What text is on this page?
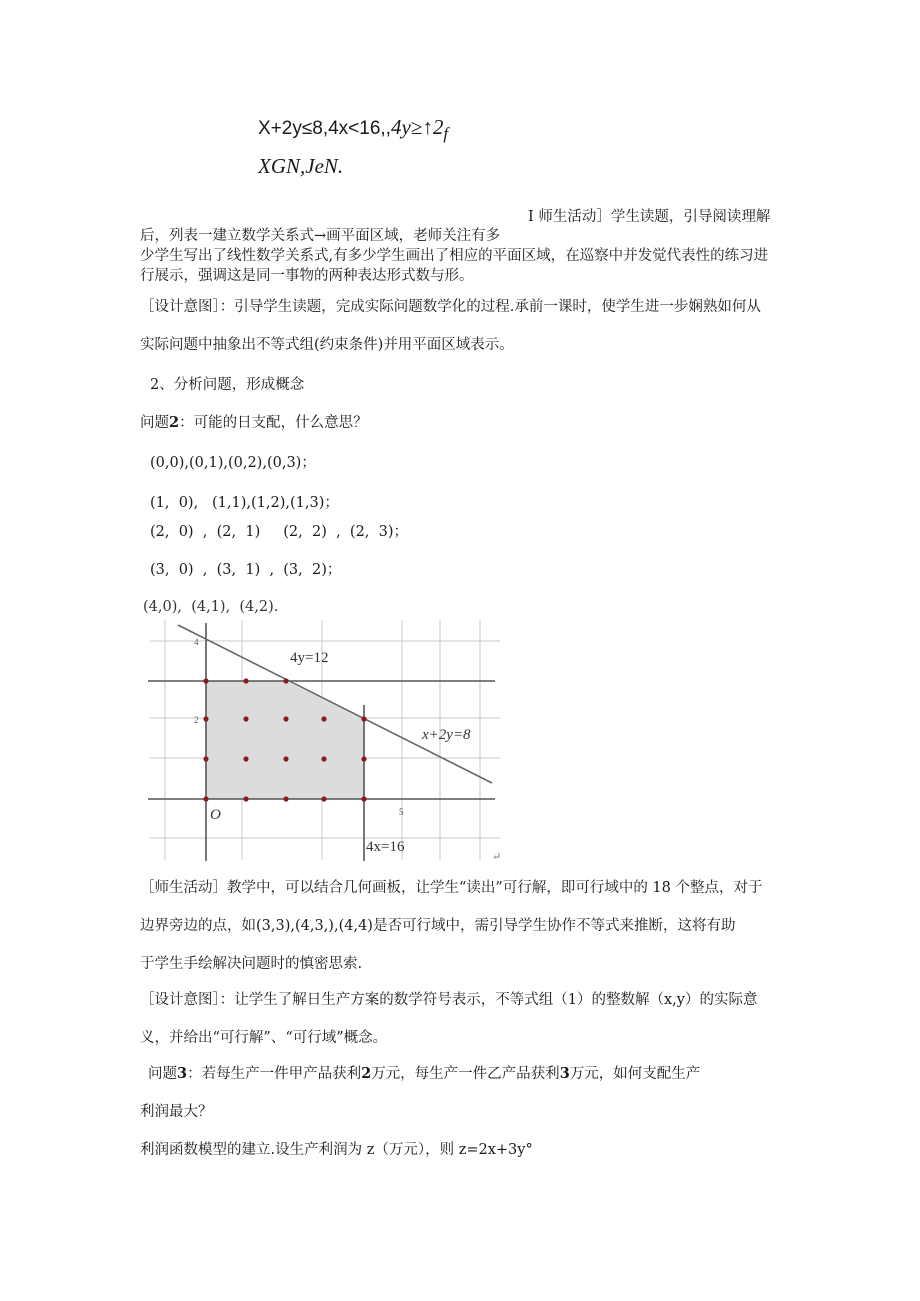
X+2y≤8,4x<16,,4y≥↑2f
XGN,JeN.
I 师生活动］学生读题，引导阅读理解
后，列表一建立数学关系式→画平面区域，老师关注有多
少学生写出了线性数学关系式,有多少学生画出了相应的平面区域，在巡察中并发觉代表性的练习进
行展示，强调这是同一事物的两种表达形式数与形。
［设计意图］：引导学生读题，完成实际问题数学化的过程.承前一课时，使学生进一步娴熟如何从
实际问题中抽象出不等式组(约束条件)并用平面区域表示。
2、分析问题，形成概念
问题2：可能的日支配，什么意思？
(0,0),(0,1),(0,2),(0,3)；
(1,  0),   (1,1),(1,2),(1,3)；
(2,  0)  ,  (2,  1)     (2,  2)  ,  (2,  3)；
(3,  0)  ,  (3,  1)  ,  (3,  2)；
(4,0),  (4,1),  (4,2).
4y=12
x+2y=8
4x=16
O
4
2
5
↵
［师生活动］教学中，可以结合几何画板，让学生“读出”可行解，即可行域中的 18 个整点，对于
边界旁边的点，如(3,3),(4,3,),(4,4)是否可行域中，需引导学生协作不等式来推断，这将有助
于学生手绘解决问题时的慎密思索.
［设计意图］：让学生了解日生产方案的数学符号表示，不等式组（1）的整数解（x,y）的实际意
义，并给出“可行解”、“可行域”概念。
问题3：若每生产一件甲产品获利2万元，每生产一件乙产品获利3万元，如何支配生产
利润最大？
利润函数模型的建立.设生产利润为 z（万元），则 z=2x+3y°
